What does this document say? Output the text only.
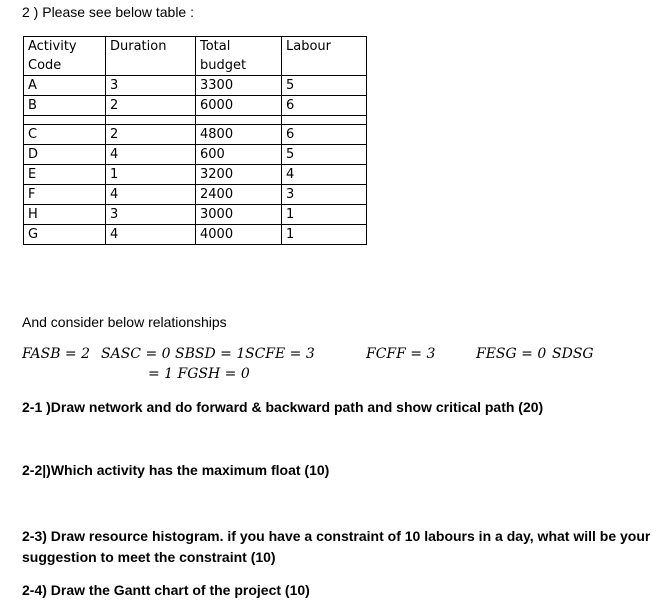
2 ) Please see below table :
Activity Code	Duration	Total budget	Labour
A	3	3300	5
B	2	6000	6

C	2	4800	6
D	4	600	5
E	1	3200	4
F	4	2400	3
H	3	3000	1
G	4	4000	1
And consider below relationships
FASB = 2 SASC = 0 SBSD = 1 SCFE = 3	FCFF = 3	FESG = 0 SDSG
= 1 FGSH = 0
2-1 )Draw network and do forward & backward path and show critical path (20)
2-2|)Which activity has the maximum float (10)
2-3) Draw resource histogram. if you have a constraint of 10 labours in a day, what will be your
suggestion to meet the constraint (10)
2-4) Draw the Gantt chart of the project (10)
